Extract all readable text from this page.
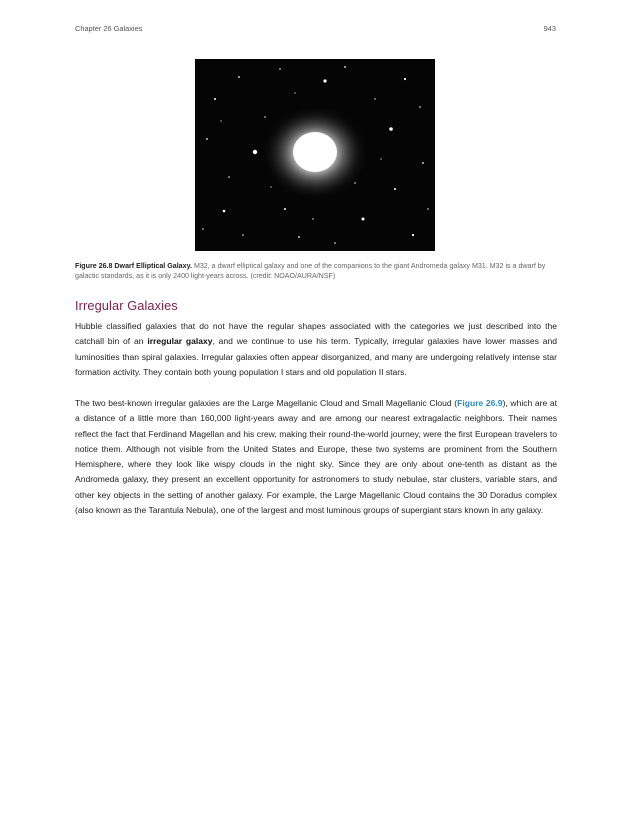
Chapter 26 Galaxies	943
Figure 26.8 Dwarf Elliptical Galaxy. M32, a dwarf elliptical galaxy and one of the companions to the giant Andromeda galaxy M31. M32 is a dwarf by galactic standards, as it is only 2400 light-years across. (credit: NOAO/AURA/NSF)
Irregular Galaxies

Hubble classified galaxies that do not have the regular shapes associated with the categories we just described into the catchall bin of an irregular galaxy, and we continue to use his term. Typically, irregular galaxies have lower masses and luminosities than spiral galaxies. Irregular galaxies often appear disorganized, and many are undergoing relatively intense star formation activity. They contain both young population I stars and old population II stars.

The two best-known irregular galaxies are the Large Magellanic Cloud and Small Magellanic Cloud (Figure 26.9), which are at a distance of a little more than 160,000 light-years away and are among our nearest extragalactic neighbors. Their names reflect the fact that Ferdinand Magellan and his crew, making their round-the-world journey, were the first European travelers to notice them. Although not visible from the United States and Europe, these two systems are prominent from the Southern Hemisphere, where they look like wispy clouds in the night sky. Since they are only about one-tenth as distant as the Andromeda galaxy, they present an excellent opportunity for astronomers to study nebulae, star clusters, variable stars, and other key objects in the setting of another galaxy. For example, the Large Magellanic Cloud contains the 30 Doradus complex (also known as the Tarantula Nebula), one of the largest and most luminous groups of supergiant stars known in any galaxy.
